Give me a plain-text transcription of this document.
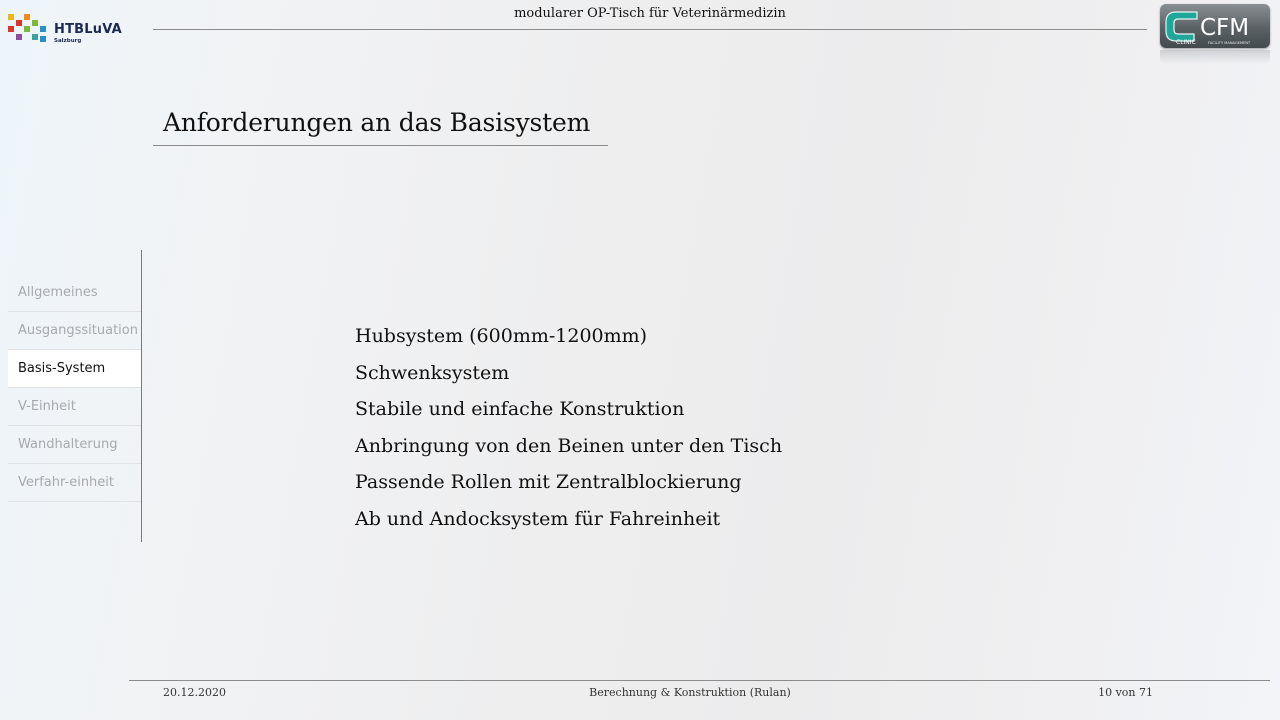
HTBLuVA
Salzburg
modularer OP-Tisch für Veterinärmedizin
CFM
CLINIC	FACILITY MANAGEMENT
Anforderungen an das Basisystem
Allgemeines
Ausgangssituation
Basis-System
V-Einheit
Wandhalterung
Verfahr-einheit
Hubsystem (600mm-1200mm)
Schwenksystem
Stabile und einfache Konstruktion
Anbringung von den Beinen unter den Tisch
Passende Rollen mit Zentralblockierung
Ab und Andocksystem für Fahreinheit
20.12.2020	Berechnung & Konstruktion (Rulan)	10 von 71
